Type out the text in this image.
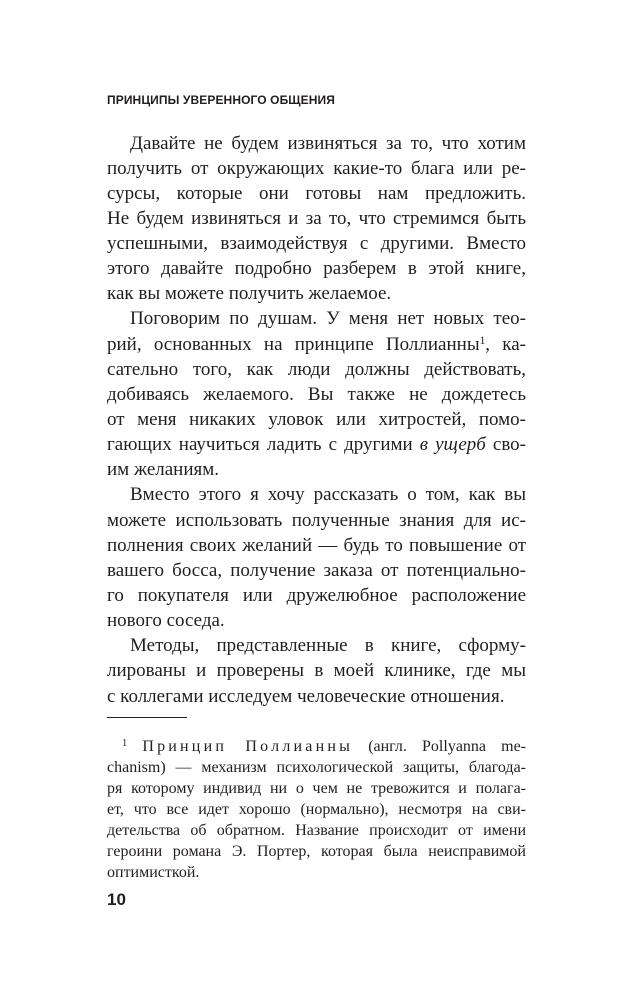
ПРИНЦИПЫ УВЕРЕННОГО ОБЩЕНИЯ
Давайте не будем извиняться за то, что хотим
получить от окружающих какие-то блага или ре-
сурсы, которые они готовы нам предложить.
Не будем извиняться и за то, что стремимся быть
успешными, взаимодействуя с другими. Вместо
этого давайте подробно разберем в этой книге,
как вы можете получить желаемое.
Поговорим по душам. У меня нет новых тео-
рий, основанных на принципе Поллианны$^1$, ка-
сательно того, как люди должны действовать,
добиваясь желаемого. Вы также не дождетесь
от меня никаких уловок или хитростей, помо-
гающих научиться ладить с другими в ущерб сво-
им желаниям.
Вместо этого я хочу рассказать о том, как вы
можете использовать полученные знания для ис-
полнения своих желаний — будь то повышение от
вашего босса, получение заказа от потенциально-
го покупателя или дружелюбное расположение
нового соседа.
Методы, представленные в книге, сформу-
лированы и проверены в моей клинике, где мы
с коллегами исследуем человеческие отношения.
$^1$ Принцип Поллианны (англ. Pollyanna me-
chanism) — механизм психологической защиты, благода-
ря которому индивид ни о чем не тревожится и полага-
ет, что все идет хорошо (нормально), несмотря на сви-
детельства об обратном. Название происходит от имени
героини романа Э. Портер, которая была неисправимой
оптимисткой.
10
